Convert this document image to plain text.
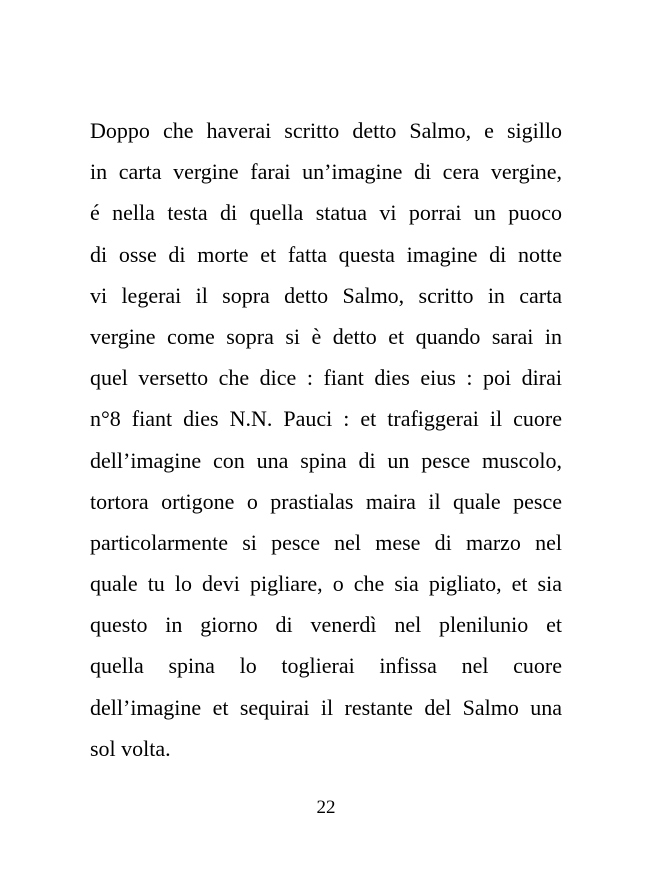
Doppo che haverai scritto detto Salmo, e sigillo
in carta vergine farai un’imagine di cera vergine,
é nella testa di quella statua vi porrai un puoco
di osse di morte et fatta questa imagine di notte
vi legerai il sopra detto Salmo, scritto in carta
vergine come sopra si è detto et quando sarai in
quel versetto che dice : fiant dies eius : poi dirai
n°8 fiant dies N.N. Pauci : et trafiggerai il cuore
dell’imagine con una spina di un pesce muscolo,
tortora ortigone o prastialas maira il quale pesce
particolarmente si pesce nel mese di marzo nel
quale tu lo devi pigliare, o che sia pigliato, et sia
questo in giorno di venerdì nel plenilunio et
quella spina lo toglierai infissa nel cuore
dell’imagine et sequirai il restante del Salmo una
sol volta.
22
